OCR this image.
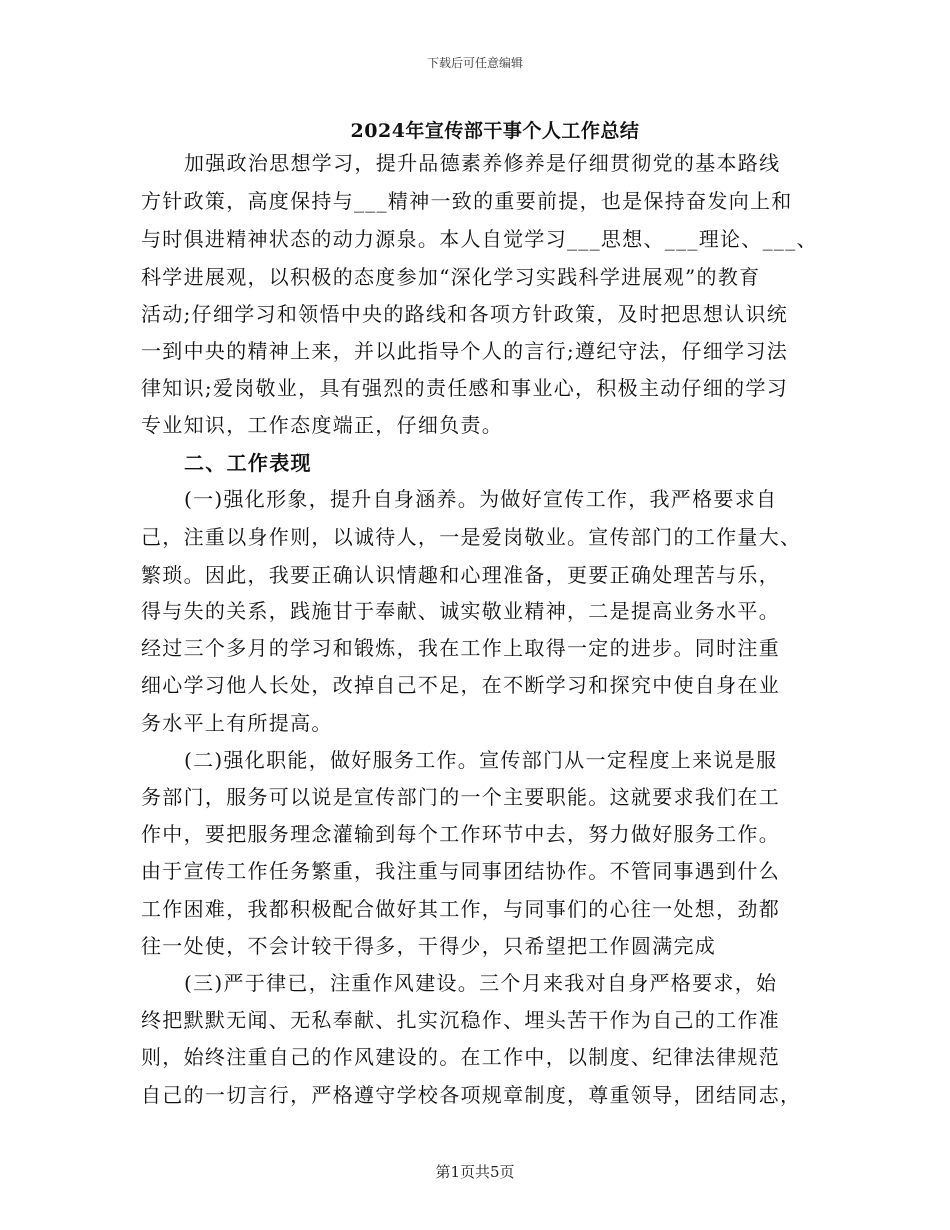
下载后可任意编辑
2024年宣传部干事个人工作总结
加强政治思想学习，提升品德素养修养是仔细贯彻党的基本路线
方针政策，高度保持与___精神一致的重要前提，也是保持奋发向上和
与时俱进精神状态的动力源泉。本人自觉学习___思想、___理论、___、
科学进展观，以积极的态度参加“深化学习实践科学进展观”的教育
活动;仔细学习和领悟中央的路线和各项方针政策，及时把思想认识统
一到中央的精神上来，并以此指导个人的言行;遵纪守法，仔细学习法
律知识;爱岗敬业，具有强烈的责任感和事业心，积极主动仔细的学习
专业知识，工作态度端正，仔细负责。
二、工作表现
(一)强化形象，提升自身涵养。为做好宣传工作，我严格要求自
己，注重以身作则，以诚待人，一是爱岗敬业。宣传部门的工作量大、
繁琐。因此，我要正确认识情趣和心理准备，更要正确处理苦与乐，
得与失的关系，践施甘于奉献、诚实敬业精神，二是提高业务水平。
经过三个多月的学习和锻炼，我在工作上取得一定的进步。同时注重
细心学习他人长处，改掉自己不足，在不断学习和探究中使自身在业
务水平上有所提高。
(二)强化职能，做好服务工作。宣传部门从一定程度上来说是服
务部门，服务可以说是宣传部门的一个主要职能。这就要求我们在工
作中，要把服务理念灌输到每个工作环节中去，努力做好服务工作。
由于宣传工作任务繁重，我注重与同事团结协作。不管同事遇到什么
工作困难，我都积极配合做好其工作，与同事们的心往一处想，劲都
往一处使，不会计较干得多，干得少，只希望把工作圆满完成
(三)严于律已，注重作风建设。三个月来我对自身严格要求，始
终把默默无闻、无私奉献、扎实沉稳作、埋头苦干作为自己的工作准
则，始终注重自己的作风建设的。在工作中，以制度、纪律法律规范
自己的一切言行，严格遵守学校各项规章制度，尊重领导，团结同志，
第1页共5页
